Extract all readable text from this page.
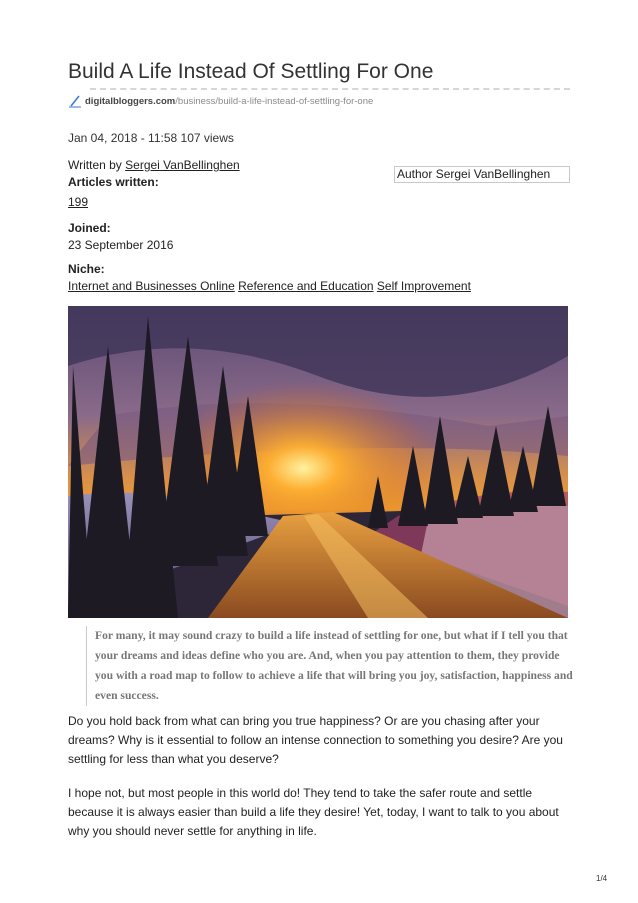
Build A Life Instead Of Settling For One
digitalbloggers.com /business/build-a-life-instead-of-settling-for-one
Jan 04, 2018 - 11:58 107 views
Written by Sergei VanBellinghen
Articles written:
199
Author Sergei VanBellinghen
Joined:
23 September 2016
Niche:
Internet and Businesses Online Reference and Education Self Improvement
For many, it may sound crazy to build a life instead of settling for one, but what if I tell you that your dreams and ideas define who you are. And, when you pay attention to them, they provide you with a road map to follow to achieve a life that will bring you joy, satisfaction, happiness and even success.
Do you hold back from what can bring you true happiness? Or are you chasing after your dreams? Why is it essential to follow an intense connection to something you desire? Are you settling for less than what you deserve?
I hope not, but most people in this world do! They tend to take the safer route and settle because it is always easier than build a life they desire! Yet, today, I want to talk to you about why you should never settle for anything in life.
1/4
